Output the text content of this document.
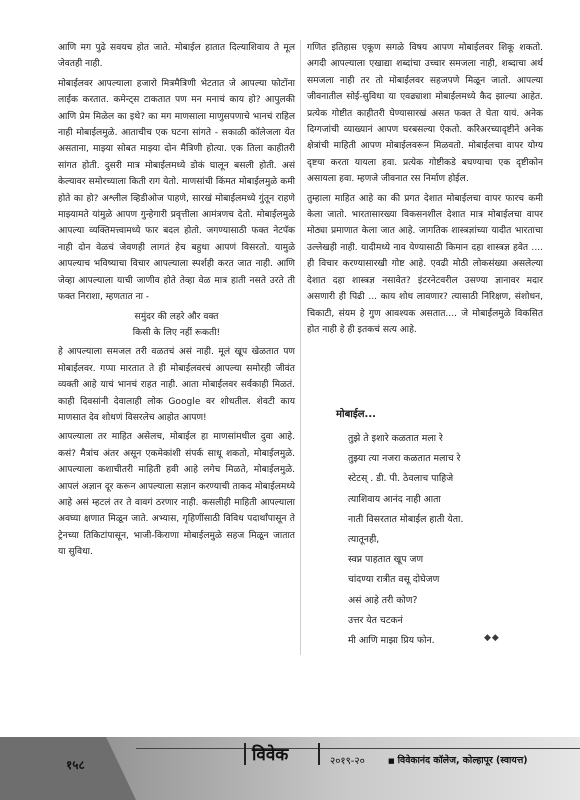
आणि मग पुढे सवयच होत जाते. मोबाईल हातात दिल्याशिवाय ते मूल जेवतही नाही.

मोबाईलवर आपल्याला हजारो मित्रमैत्रिणी भेटतात जे आपल्या फोटोंना लाईक करतात. कमेन्ट्स टाकतात पण मन मनाचं काय हो? आपुलकी आणि प्रेम मिळेल का इथे? का मग माणसाला माणुसपणाचे भानचं राहिल नाही मोबाईलमुळे. आताचीच एक घटना सांगते - सकाळी कॉलेजला येत असताना, माझ्या सोबत माझ्या दोन मैत्रिणी होत्या. एक तिला काहीतरी सांगत होती. दुसरी मात्र मोबाईलमध्ये डोकं घालून बसली होती. असं केल्यावर समोरच्याला किती राग येतो. माणसांची किंमत मोबाईलमुळे कमी होते का हो? अश्लील व्हिडीओज पाहणे, सारखं मोबाईलमध्ये गुंतून राहणे माझ्यामते यांमुळे आपण गुन्हेगारी प्रवृत्तीला आमंत्रणच देतो. मोबाईलमुळे आपल्या व्यक्तिमत्त्वामध्ये फार बदल होतो. जगण्यासाठी फक्त नेटपॅक नाही दोन वेळचं जेवणही लागतं हेच बहुधा आपणं विसरतो. यामुळे आपल्याच भविष्याचा विचार आपल्याला स्पर्शही करत जात नाही. आणि जेव्हा आपल्याला याची जाणीव होते तेव्हा वेळ मात्र हाती नसते उरते ती फक्त निराशा, म्हणतात ना -

समुंदर की लहरे और वक्त
किसी के लिए नहीं रूकती!

हे आपल्याला समजल तरी वळतचं असं नाही. मूलं खूप खेळतात पण मोबाईलवर. गप्पा मारतात ते ही मोबाईलवरचं आपल्या समोरही जीवंत व्यक्ती आहे याचं भानचं राहत नाही. आता मोबाईलवर सर्वकाही मिळतं. काही दिवसांनी देवालाही लोक Google वर शोधतील. शेवटी काय माणसात देव शोधणं विसरलेच आहोत आपण!

आपल्याला तर माहित असेलच, मोबाईल हा माणसांमधील दुवा आहे. कसं? मैत्रांच अंतर असून एकमेकांशी संपर्क साधू शकतो, मोबाईलमुळे. आपल्याला कशाचीतरी माहिती हवी आहे लगेच मिळते, मोबाईलमुळे. आपलं अज्ञान दूर करून आपल्याला सज्ञान करण्याची ताकद मोबाईलमध्ये आहे असं म्हटलं तर ते वावगं ठरणार नाही. कसलीही माहिती आपल्याला अवघ्या क्षणात मिळून जाते. अभ्यास, गृहिणींसाठी विविध पदार्थांपासून ते ट्रेनच्या तिकिटांपासून, भाजी-किराणा मोबाईलमुळे सहज मिळून जातात या सुविधा.

गणित इतिहास एकूण सगळे विषय आपण मोबाईलवर शिकू शकतो. अगदी आपल्याला एखाद्या शब्दांचा उच्चार समजला नाही, शब्दाचा अर्थ समजला नाही तर तो मोबाईलवर सहजपणे मिळून जातो. आपल्या जीवनातील सोई-सुविधा या एवढ्याशा मोबाईलमध्ये कैद झाल्या आहेत. प्रत्येक गोष्टीत काहीतरी घेण्यासारखं असत फक्त ते घेता यायं. अनेक दिग्गजांची व्याख्यानं आपण घरबसल्या ऐकतो. करिअरच्यादृष्टीने अनेक क्षेत्रांची माहिती आपण मोबाईलवरून मिळवतो. मोबाईलचा वापर योग्य दृष्टया करता यायला हवा. प्रत्येक गोष्टीकडे बघण्याचा एक दृष्टीकोन असायला हवा. म्हणजे जीवनात रस निर्माण होईल.

तुम्हाला माहित आहे का की प्रगत देशात मोबाईलचा वापर फारच कमी केला जातो. भारतासारख्या विकसनशील देशात मात्र मोबाईलचा वापर मोठ्या प्रमाणात केला जात आहे. जागतिक शास्त्रज्ञांच्या यादीत भारताचा उल्लेखही नाही. यादीमध्ये नाव येण्यासाठी किमान दहा शास्त्रज्ञ हवेत .... ही विचार करण्यासारखी गोष्ट आहे. एवढी मोठी लोकसंख्या असलेल्या देशात दहा शास्त्रज्ञ नसावेत? इंटरनेटवरील उसण्या ज्ञानावर मदार असणारी ही पिढी ... काय शोध लावणार? त्यासाठी निरिक्षण, संशोधन, चिकाटी, संयम हे गुण आवश्यक असतात.... जे मोबाईलमुळे विकसित होत नाही हे ही इतकचं सत्य आहे.

मोबाईल...
तुझे ते इशारे कळतात मला रे
तुझ्या त्या नजरा कळतात मलाच रे
स्टेटस् . डी. पी. ठेवलाच पाहिजे
त्याशिवाय आनंद नाही आता
नाती विसरतात मोबाईल हाती येता.
त्यातूनही,
स्वप्न पाहतात खूप जण
चांदण्या रात्रीत वसू दोघेजण
असं आहे तरी कोण?
उत्तर येत चटकनं
मी आणि माझा प्रिय फोन.	◆◆
१५८	विवेक	२०१९-२०	■ विवेकानंद कॉलेज, कोल्हापूर (स्वायत्त)
